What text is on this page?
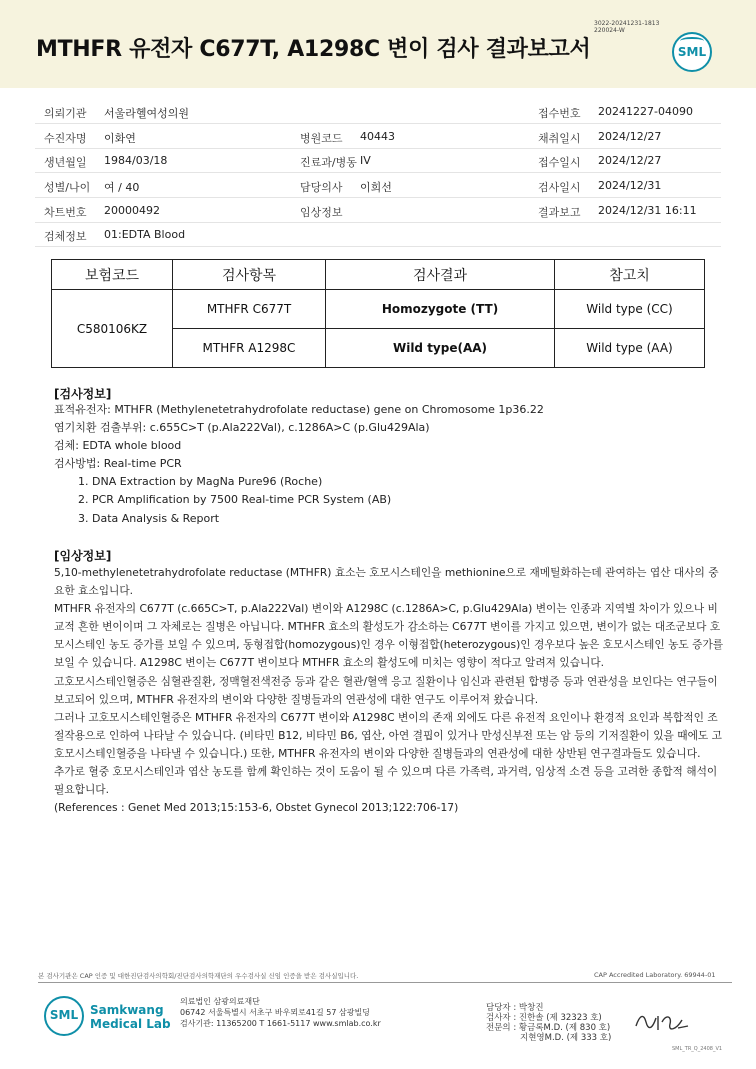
MTHFR 유전자 C677T, A1298C 변이 검사 결과보고서
3022-20241231-1813
220024-W
SML
의뢰기관 서울라헬여성의원	접수번호 20241227-04090
수진자명 이화연	병원코드 40443	채취일시 2024/12/27
생년월일 1984/03/18	진료과/병동 IV	접수일시 2024/12/27
성별/나이 여 / 40	담당의사 이희선	검사일시 2024/12/31
차트번호 20000492	임상정보	결과보고 2024/12/31 16:11
검체정보 01:EDTA Blood
보험코드	검사항목	검사결과	참고치
C580106KZ	MTHFR C677T	Homozygote (TT)	Wild type (CC)
	MTHFR A1298C	Wild type(AA)	Wild type (AA)
[검사정보]
표적유전자: MTHFR (Methylenetetrahydrofolate reductase) gene on Chromosome 1p36.22
염기치환 검출부위: c.655C>T (p.Ala222Val), c.1286A>C (p.Glu429Ala)
검체: EDTA whole blood
검사방법: Real-time PCR
1. DNA Extraction by MagNa Pure96 (Roche)
2. PCR Amplification by 7500 Real-time PCR System (AB)
3. Data Analysis & Report
[임상정보]

5,10-methylenetetrahydrofolate reductase (MTHFR) 효소는 호모시스테인을 methionine으로 재메틸화하는데 관여하는 엽산 대사의 중요한 효소입니다.

MTHFR 유전자의 C677T (c.665C>T, p.Ala222Val) 변이와 A1298C (c.1286A>C, p.Glu429Ala) 변이는 인종과 지역별 차이가 있으나 비교적 흔한 변이이며 그 자체로는 질병은 아닙니다. MTHFR 효소의 활성도가 감소하는 C677T 변이를 가지고 있으면, 변이가 없는 대조군보다 호모시스테인 농도 증가를 보일 수 있으며, 동형접합(homozygous)인 경우 이형접합(heterozygous)인 경우보다 높은 호모시스테인 농도 증가를 보일 수 있습니다. A1298C 변이는 C677T 변이보다 MTHFR 효소의 활성도에 미치는 영향이 적다고 알려져 있습니다.

고호모시스테인혈증은 심혈관질환, 정맥혈전색전증 등과 같은 혈관/혈액 응고 질환이나 임신과 관련된 합병증 등과 연관성을 보인다는 연구들이 보고되어 있으며, MTHFR 유전자의 변이와 다양한 질병들과의 연관성에 대한 연구도 이루어져 왔습니다.

그러나 고호모시스테인혈증은 MTHFR 유전자의 C677T 변이와 A1298C 변이의 존재 외에도 다른 유전적 요인이나 환경적 요인과 복합적인 조절작용으로 인하여 나타날 수 있습니다. (비타민 B12, 비타민 B6, 엽산, 아연 결핍이 있거나 만성신부전 또는 암 등의 기저질환이 있을 때에도 고호모시스테인혈증을 나타낼 수 있습니다.) 또한, MTHFR 유전자의 변이와 다양한 질병들과의 연관성에 대한 상반된 연구결과들도 있습니다.

추가로 혈중 호모시스테인과 엽산 농도를 함께 확인하는 것이 도움이 될 수 있으며 다른 가족력, 과거력, 임상적 소견 등을 고려한 종합적 해석이 필요합니다.

(References : Genet Med 2013;15:153-6, Obstet Gynecol 2013;122:706-17)

본 검사기관은 CAP 인증 및 대한진단검사의학회/진단검사의학재단의 우수검사실 신임 인증을 받은 검사실입니다.	CAP Accredited Laboratory. 69944-01
SML Samkwang
Medical Lab
의료법인 삼광의료재단
06742 서울특별시 서초구 바우뫼로41길 57 삼광빌딩
검사기관: 11365200 T 1661-5117 www.smlab.co.kr
담당자 : 박창진
검사자 : 진한솔 (제 32323 호)
전문의 : 황금록M.D. (제 830 호)
지현영M.D. (제 333 호)
SML_TR_Q_2408_V1
